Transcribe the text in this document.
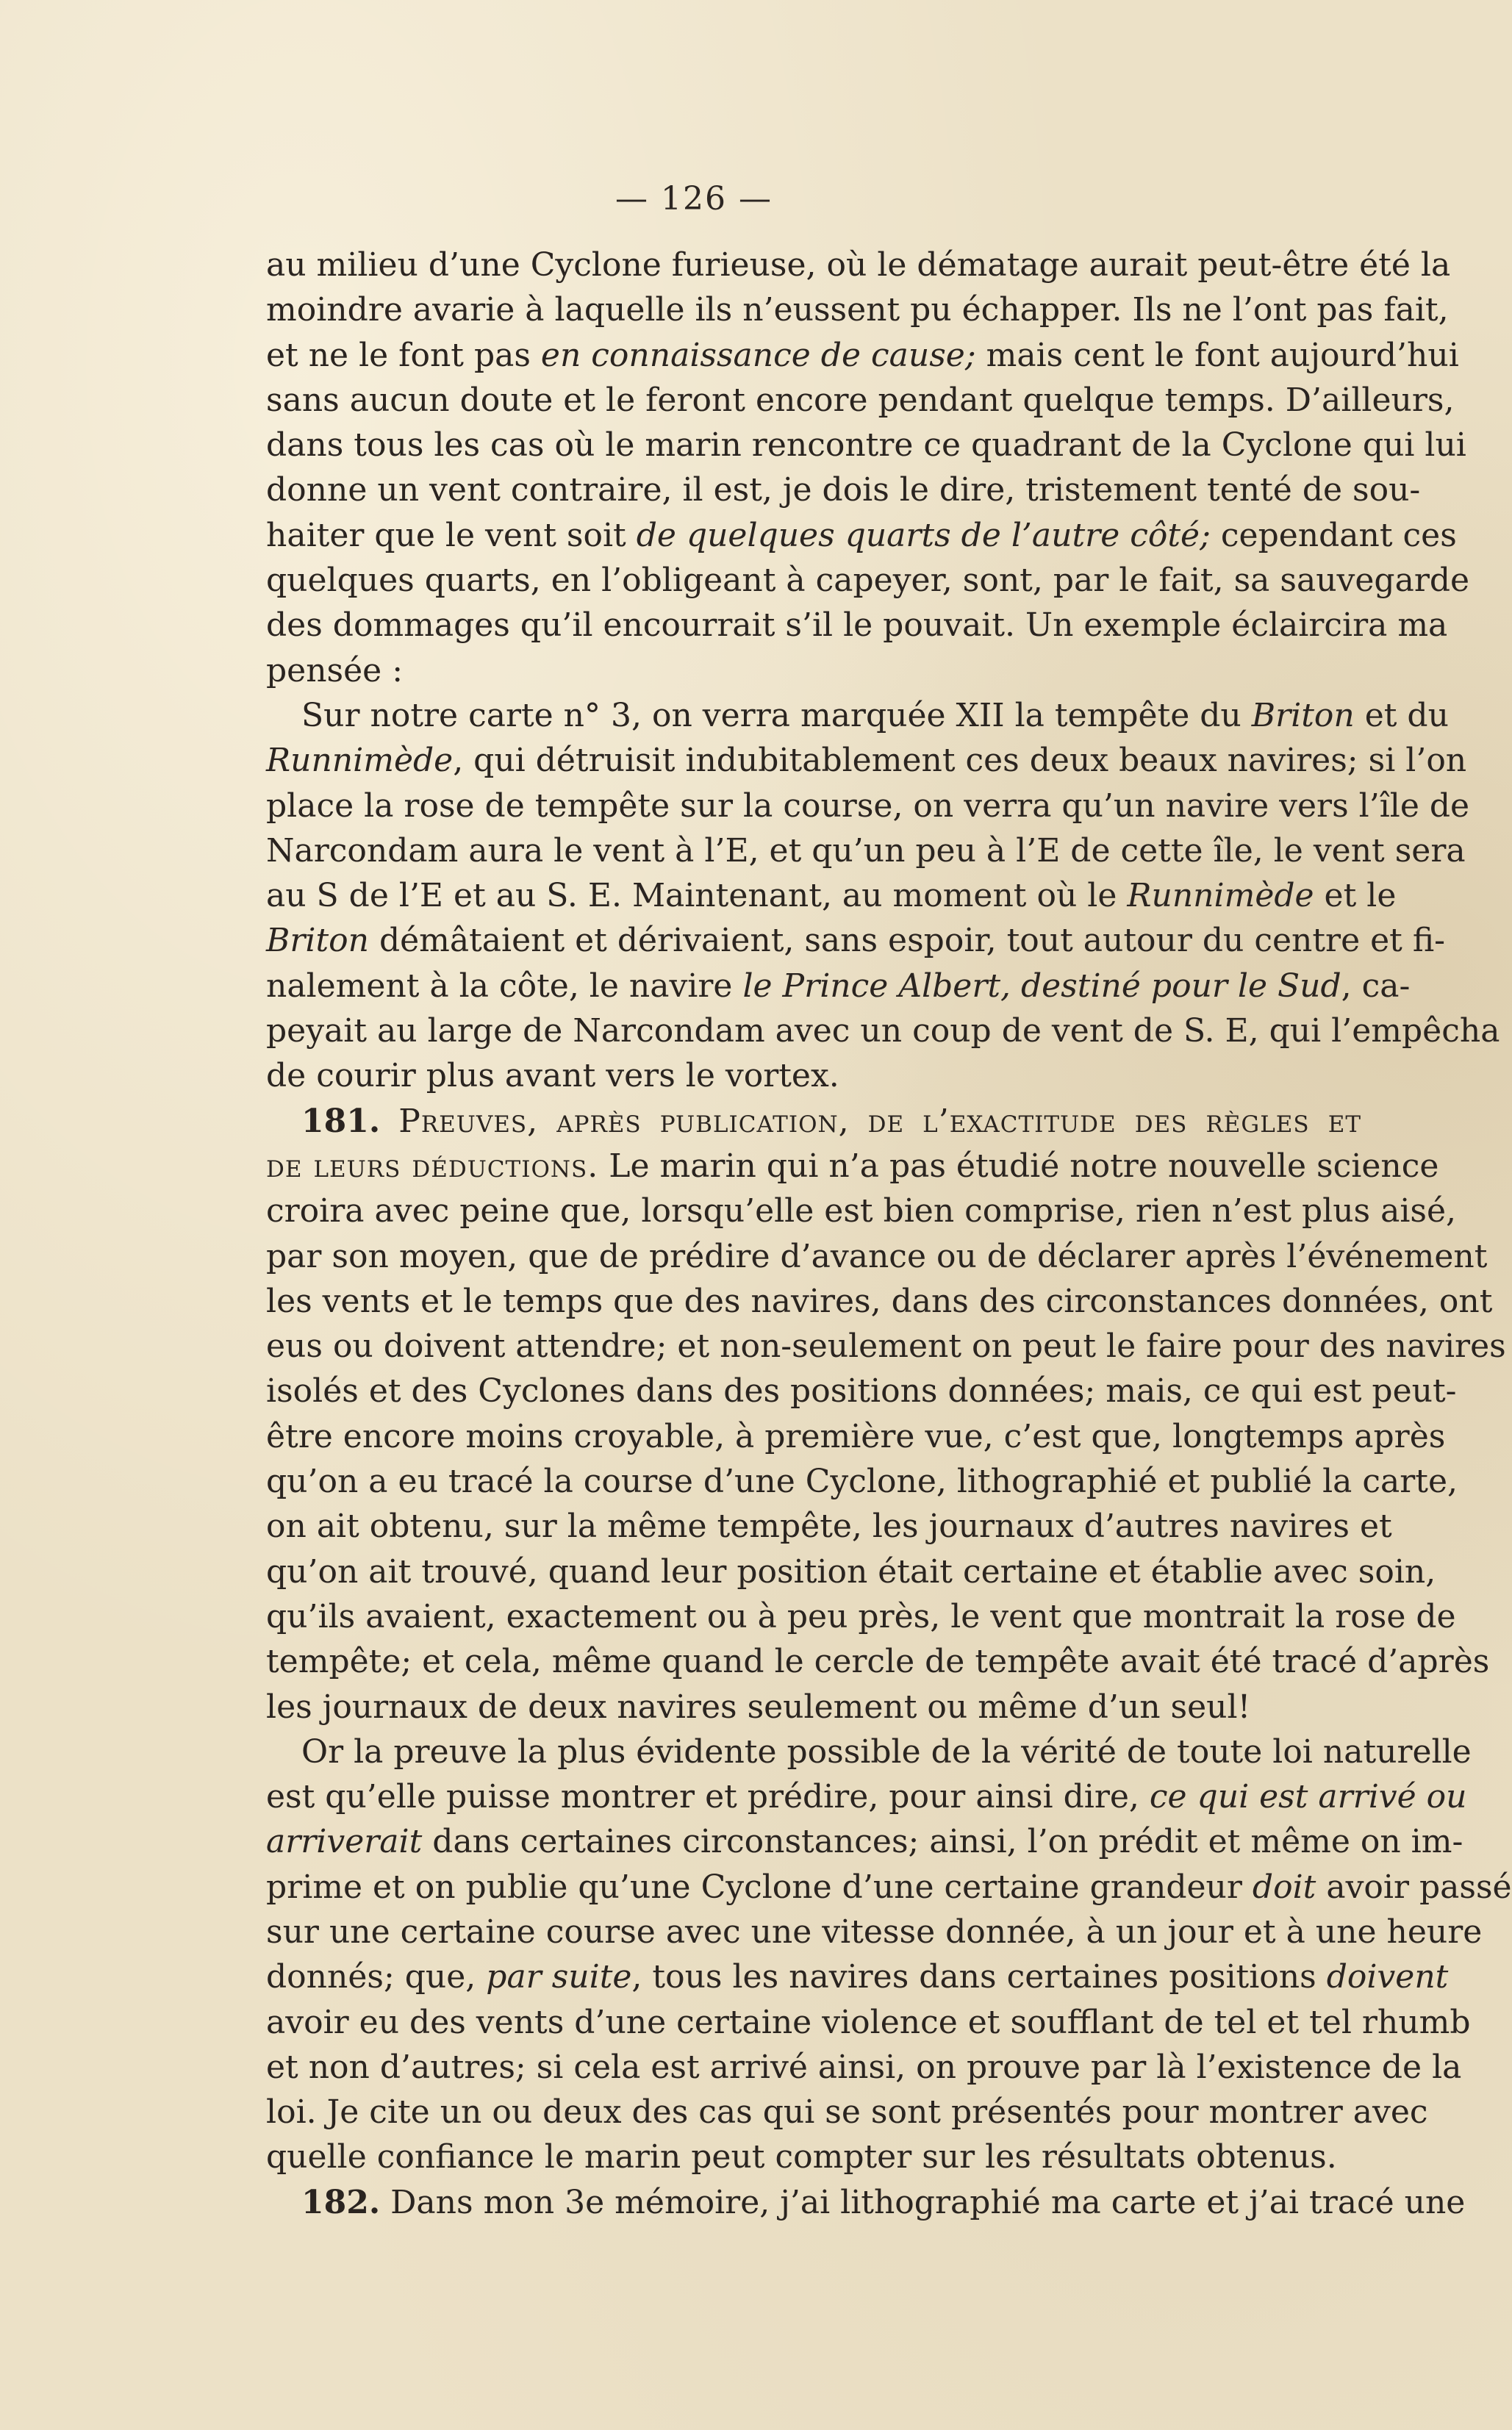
— 126 —
au milieu d’une Cyclone furieuse, où le dématage aurait peut-être été la
moindre avarie à laquelle ils n’eussent pu échapper. Ils ne l’ont pas fait,
et ne le font pas en connaissance de cause; mais cent le font aujourd’hui
sans aucun doute et le feront encore pendant quelque temps. D’ailleurs,
dans tous les cas où le marin rencontre ce quadrant de la Cyclone qui lui
donne un vent contraire, il est, je dois le dire, tristement tenté de sou-
haiter que le vent soit de quelques quarts de l’autre côté; cependant ces
quelques quarts, en l’obligeant à capeyer, sont, par le fait, sa sauvegarde
des dommages qu’il encourrait s’il le pouvait. Un exemple éclaircira ma
pensée :
Sur notre carte n° 3, on verra marquée XII la tempête du Briton et du
Runnimède, qui détruisit indubitablement ces deux beaux navires; si l’on
place la rose de tempête sur la course, on verra qu’un navire vers l’île de
Narcondam aura le vent à l’E, et qu’un peu à l’E de cette île, le vent sera
au S de l’E et au S. E. Maintenant, au moment où le Runnimède et le
Briton démâtaient et dérivaient, sans espoir, tout autour du centre et fi-
nalement à la côte, le navire le Prince Albert, destiné pour le Sud, ca-
peyait au large de Narcondam avec un coup de vent de S. E, qui l’empêcha
de courir plus avant vers le vortex.
181. Preuves, après publication, de l’exactitude des règles et
de leurs déductions. Le marin qui n’a pas étudié notre nouvelle science
croira avec peine que, lorsqu’elle est bien comprise, rien n’est plus aisé,
par son moyen, que de prédire d’avance ou de déclarer après l’événement
les vents et le temps que des navires, dans des circonstances données, ont
eus ou doivent attendre; et non-seulement on peut le faire pour des navires
isolés et des Cyclones dans des positions données; mais, ce qui est peut-
être encore moins croyable, à première vue, c’est que, longtemps après
qu’on a eu tracé la course d’une Cyclone, lithographié et publié la carte,
on ait obtenu, sur la même tempête, les journaux d’autres navires et
qu’on ait trouvé, quand leur position était certaine et établie avec soin,
qu’ils avaient, exactement ou à peu près, le vent que montrait la rose de
tempête; et cela, même quand le cercle de tempête avait été tracé d’après
les journaux de deux navires seulement ou même d’un seul!
Or la preuve la plus évidente possible de la vérité de toute loi naturelle
est qu’elle puisse montrer et prédire, pour ainsi dire, ce qui est arrivé ou
arriverait dans certaines circonstances; ainsi, l’on prédit et même on im-
prime et on publie qu’une Cyclone d’une certaine grandeur doit avoir passé
sur une certaine course avec une vitesse donnée, à un jour et à une heure
donnés; que, par suite, tous les navires dans certaines positions doivent
avoir eu des vents d’une certaine violence et soufflant de tel et tel rhumb
et non d’autres; si cela est arrivé ainsi, on prouve par là l’existence de la
loi. Je cite un ou deux des cas qui se sont présentés pour montrer avec
quelle confiance le marin peut compter sur les résultats obtenus.
182. Dans mon 3e mémoire, j’ai lithographié ma carte et j’ai tracé une
